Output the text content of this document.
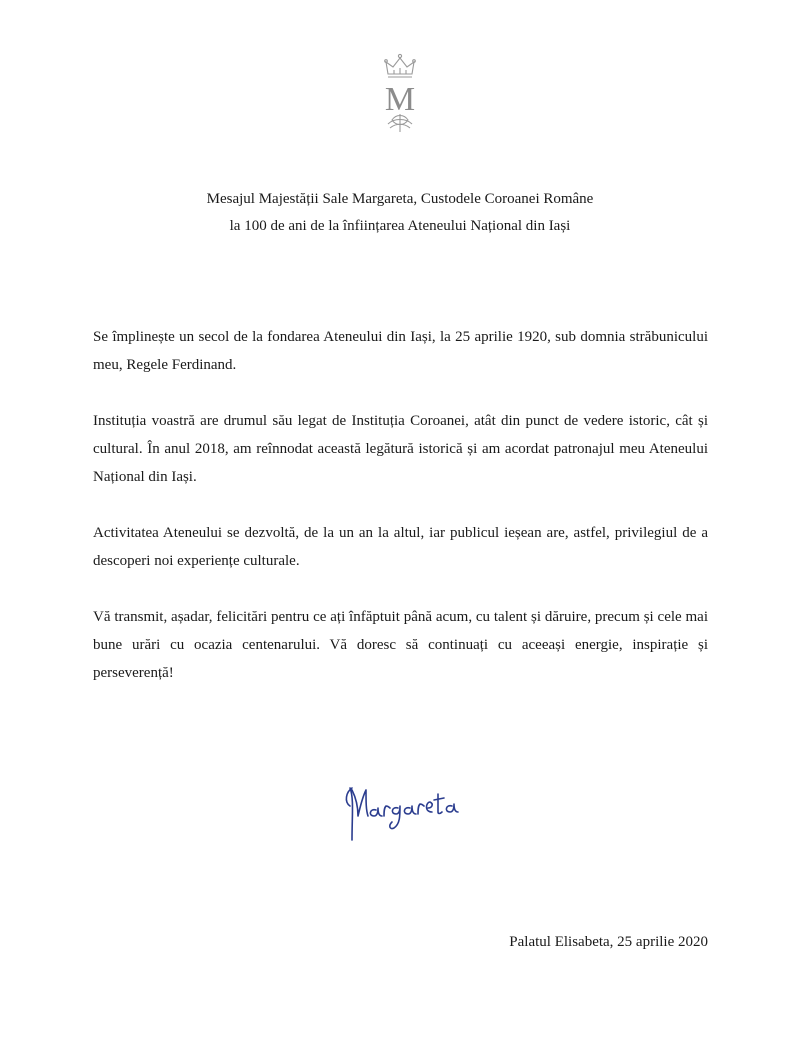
M
Mesajul Majestății Sale Margareta, Custodele Coroanei Române
la 100 de ani de la înființarea Ateneului Național din Iași

Se împlinește un secol de la fondarea Ateneului din Iași, la 25 aprilie 1920, sub domnia străbunicului meu, Regele Ferdinand.

Instituția voastră are drumul său legat de Instituția Coroanei, atât din punct de vedere istoric, cât și cultural. În anul 2018, am reînnodat această legătură istorică și am acordat patronajul meu Ateneului Național din Iași.

Activitatea Ateneului se dezvoltă, de la un an la altul, iar publicul ieșean are, astfel, privilegiul de a descoperi noi experiențe culturale.

Vă transmit, așadar, felicitări pentru ce ați înfăptuit până acum, cu talent și dăruire, precum și cele mai bune urări cu ocazia centenarului. Vă doresc să continuați cu aceeași energie, inspirație și perseverență!

Palatul Elisabeta, 25 aprilie 2020
